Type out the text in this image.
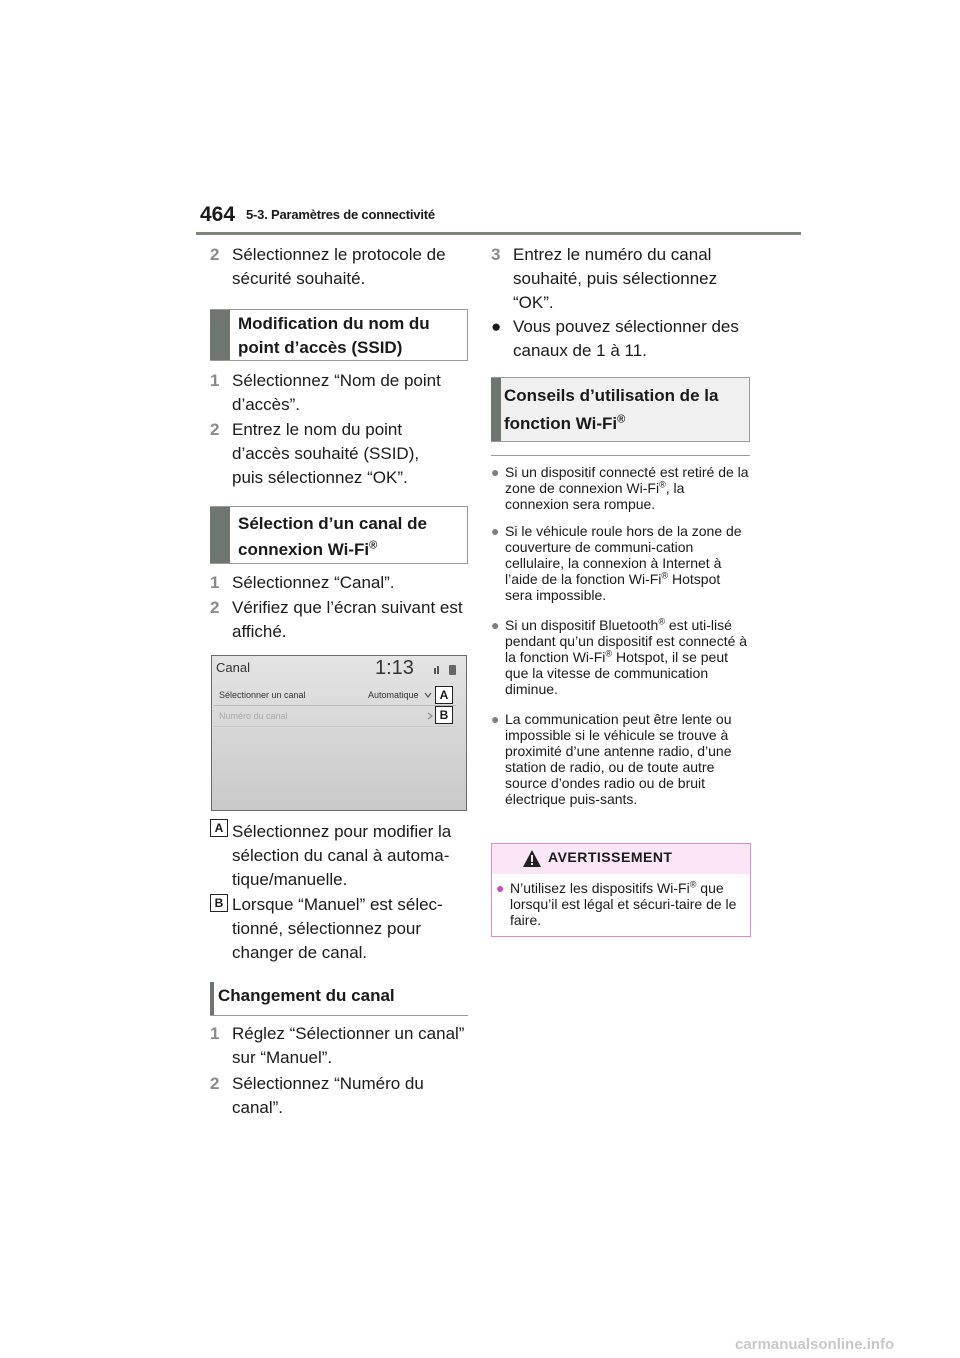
464 5-3. Paramètres de connectivité
2 Sélectionnez le protocole de sécurité souhaité.
Modification du nom du point d’accès (SSID)
1 Sélectionnez “Nom de point d’accès”.
2 Entrez le nom du point d’accès souhaité (SSID), puis sélectionnez “OK”.
Sélection d’un canal de connexion Wi-Fi®
1 Sélectionnez “Canal”.
2 Vérifiez que l’écran suivant est affiché.
Canal	1:13
Sélectionner un canal	Automatique
Numéro du canal
A
B
A Sélectionnez pour modifier la sélection du canal à automa-tique/manuelle.
B Lorsque “Manuel” est sélec-tionné, sélectionnez pour changer de canal.
Changement du canal
1 Réglez “Sélectionner un canal” sur “Manuel”.
2 Sélectionnez “Numéro du canal”.
3 Entrez le numéro du canal souhaité, puis sélectionnez “OK”.
● Vous pouvez sélectionner des canaux de 1 à 11.
Conseils d’utilisation de la fonction Wi-Fi®
● Si un dispositif connecté est retiré de la zone de connexion Wi-Fi®, la connexion sera rompue.
● Si le véhicule roule hors de la zone de couverture de communi-cation cellulaire, la connexion à Internet à l’aide de la fonction Wi-Fi® Hotspot sera impossible.
● Si un dispositif Bluetooth® est uti-lisé pendant qu’un dispositif est connecté à la fonction Wi-Fi® Hotspot, il se peut que la vitesse de communication diminue.
● La communication peut être lente ou impossible si le véhicule se trouve à proximité d’une antenne radio, d’une station de radio, ou de toute autre source d’ondes radio ou de bruit électrique puis-sants.
AVERTISSEMENT
● N’utilisez les dispositifs Wi-Fi® que lorsqu’il est légal et sécuri-taire de le faire.
carmanualsonline.info
